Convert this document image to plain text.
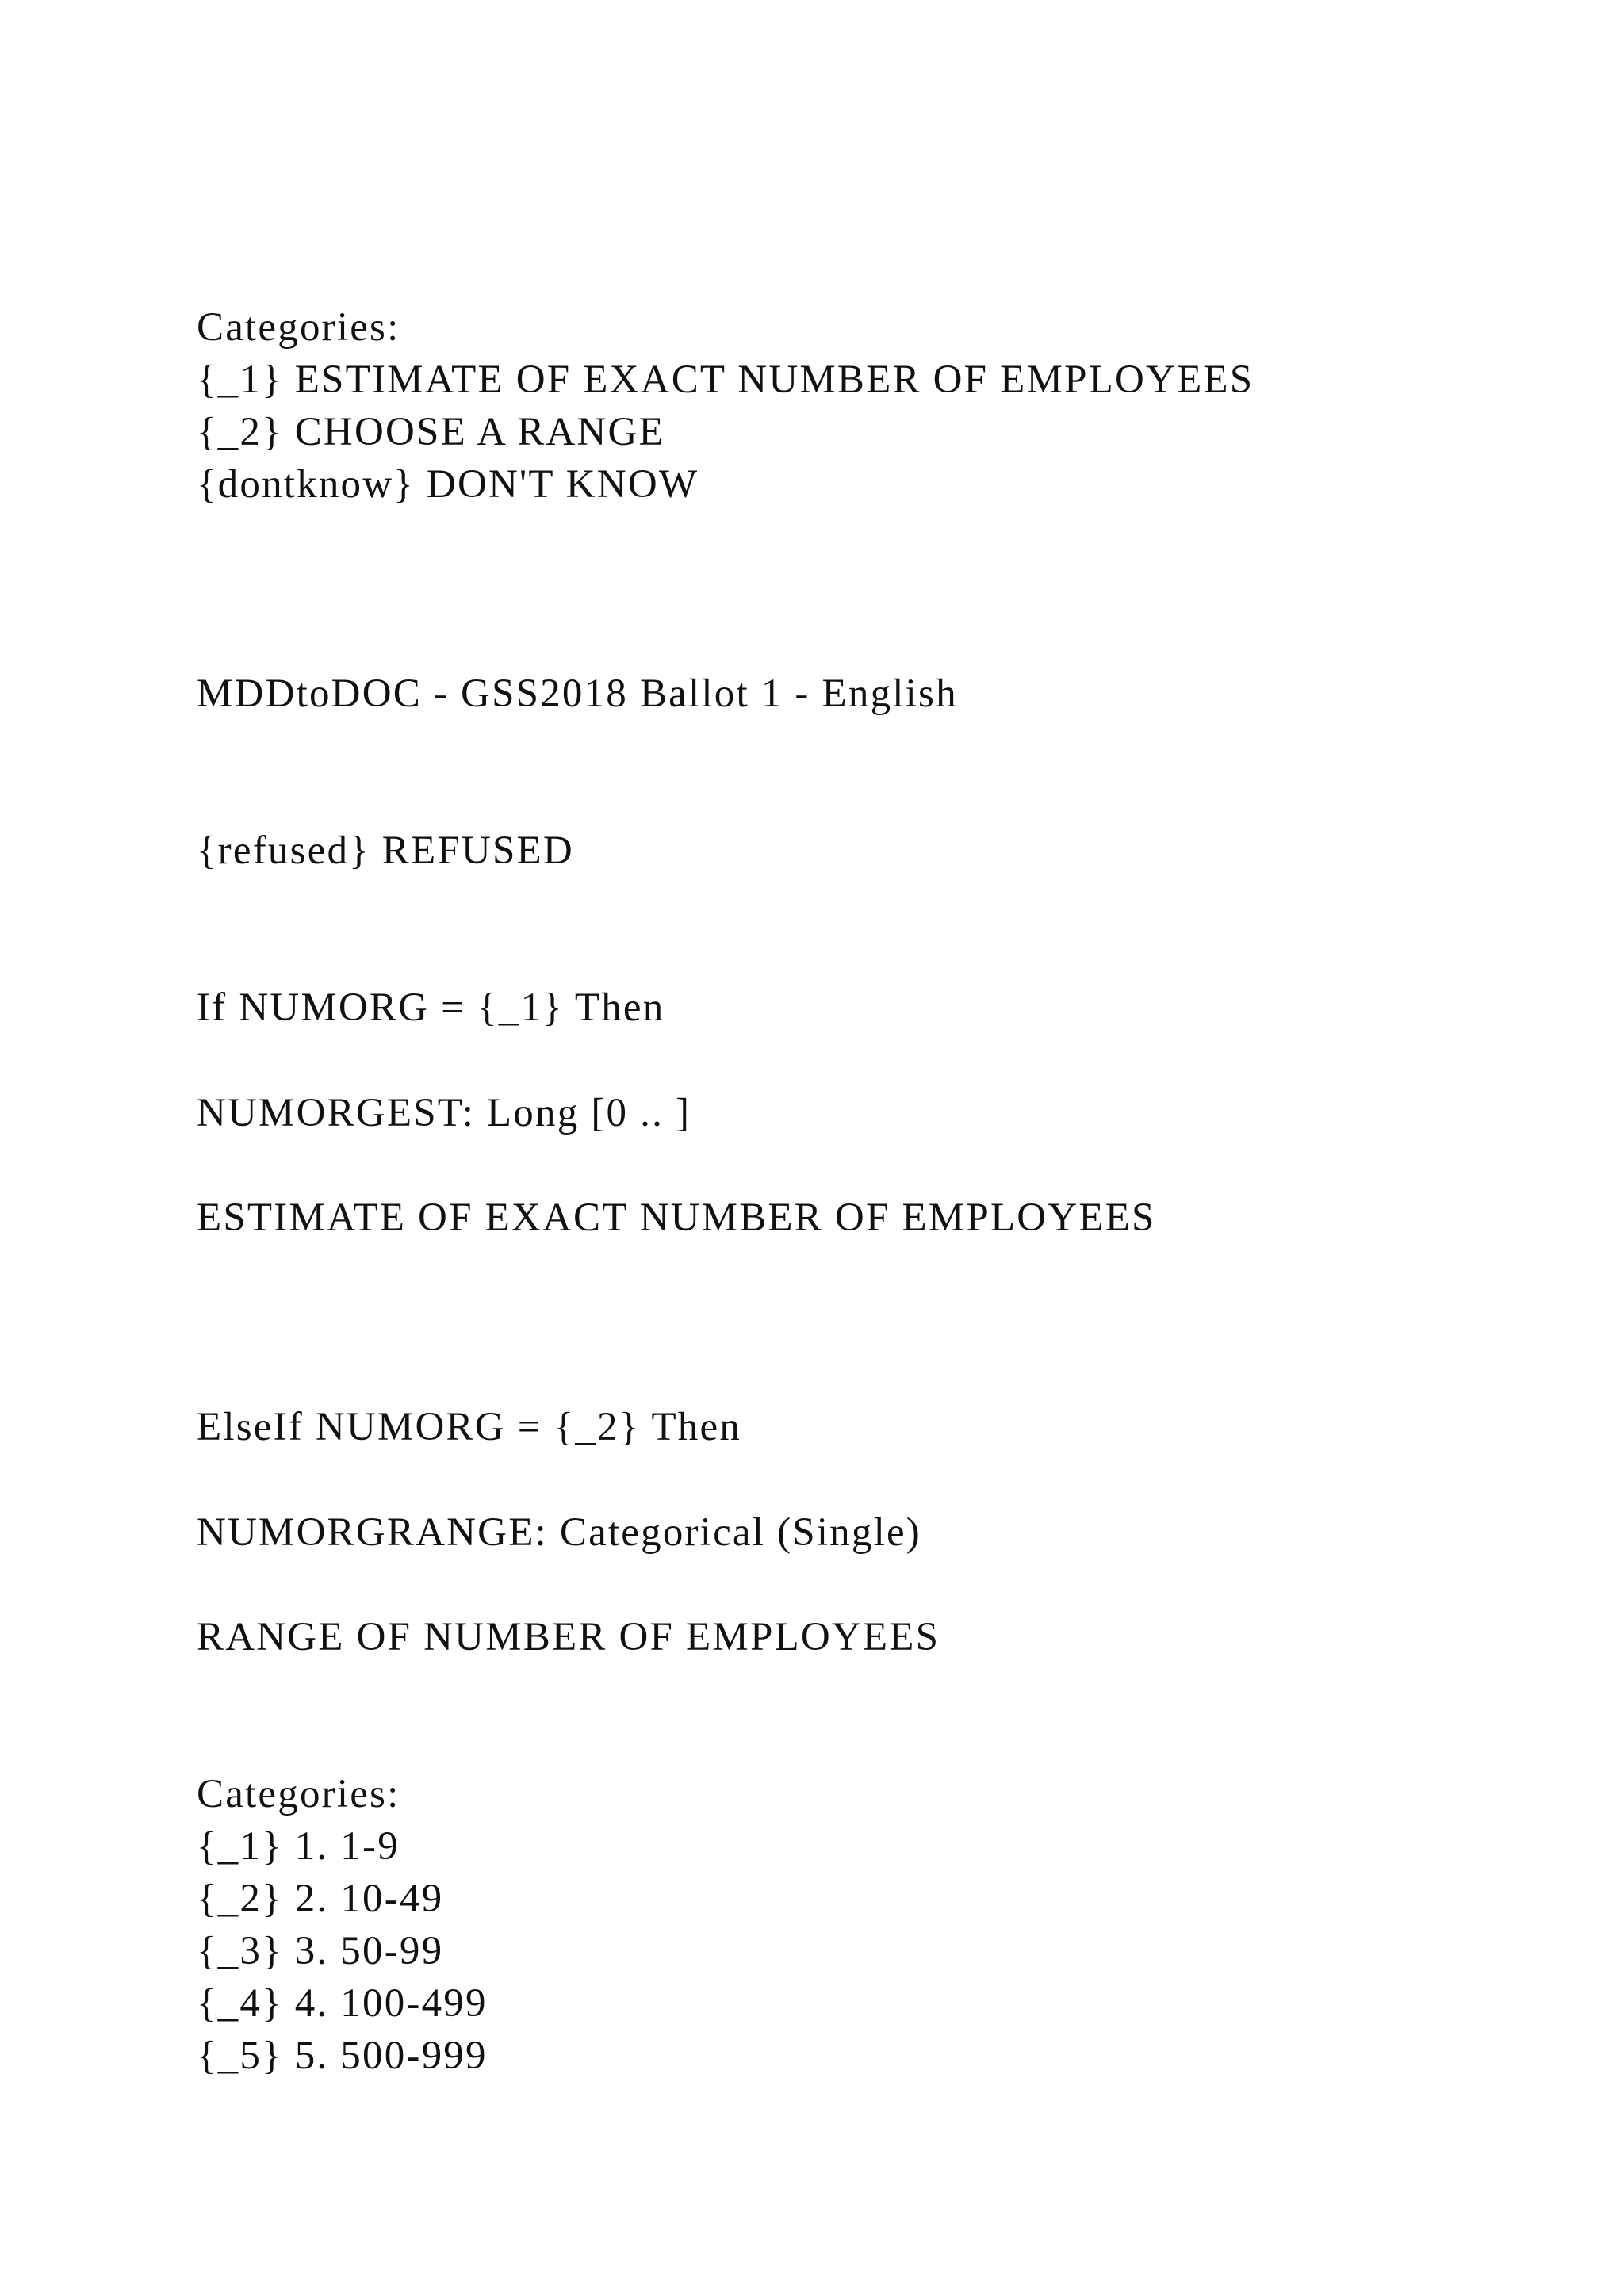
Categories:

{_1} ESTIMATE OF EXACT NUMBER OF EMPLOYEES

{_2} CHOOSE A RANGE

{dontknow} DON'T KNOW

MDDtoDOC - GSS2018 Ballot 1 - English

{refused} REFUSED

If NUMORG = {_1} Then

NUMORGEST: Long [0 .. ]

ESTIMATE OF EXACT NUMBER OF EMPLOYEES

ElseIf NUMORG = {_2} Then

NUMORGRANGE: Categorical (Single)

RANGE OF NUMBER OF EMPLOYEES

Categories:

{_1} 1. 1-9

{_2} 2. 10-49

{_3} 3. 50-99

{_4} 4. 100-499

{_5} 5. 500-999
